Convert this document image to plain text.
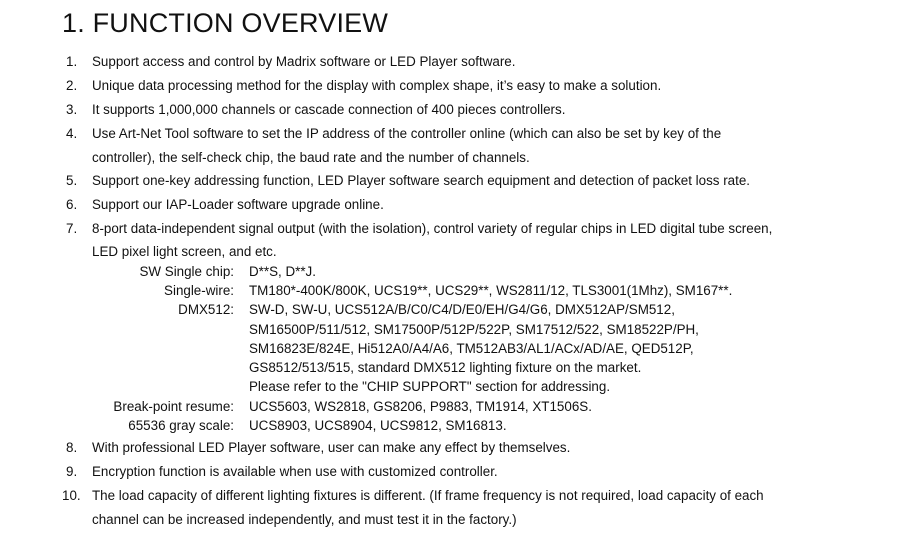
1. FUNCTION OVERVIEW
1.	Support access and control by Madrix software or LED Player software.
2.	Unique data processing method for the display with complex shape, it’s easy to make a solution.
3.	It supports 1,000,000 channels or cascade connection of 400 pieces controllers.
4.	Use Art-Net Tool software to set the IP address of the controller online (which can also be set by key of the
controller), the self-check chip, the baud rate and the number of channels.
5.	Support one-key addressing function, LED Player software search equipment and detection of packet loss rate.
6.	Support our IAP-Loader software upgrade online.
7.	8-port data-independent signal output (with the isolation), control variety of regular chips in LED digital tube screen,
LED pixel light screen, and etc.
SW Single chip: D**S, D**J.
Single-wire: TM180*-400K/800K, UCS19**, UCS29**, WS2811/12, TLS3001(1Mhz), SM167**.
DMX512: SW-D, SW-U, UCS512A/B/C0/C4/D/E0/EH/G4/G6, DMX512AP/SM512,
SM16500P/511/512, SM17500P/512P/522P, SM17512/522, SM18522P/PH,
SM16823E/824E, Hi512A0/A4/A6, TM512AB3/AL1/ACx/AD/AE, QED512P,
GS8512/513/515, standard DMX512 lighting fixture on the market.
Please refer to the "CHIP SUPPORT" section for addressing.
Break-point resume: UCS5603, WS2818, GS8206, P9883, TM1914, XT1506S.
65536 gray scale: UCS8903, UCS8904, UCS9812, SM16813.
8.	With professional LED Player software, user can make any effect by themselves.
9.	Encryption function is available when use with customized controller.
10. The load capacity of different lighting fixtures is different. (If frame frequency is not required, load capacity of each
channel can be increased independently, and must test it in the factory.)
